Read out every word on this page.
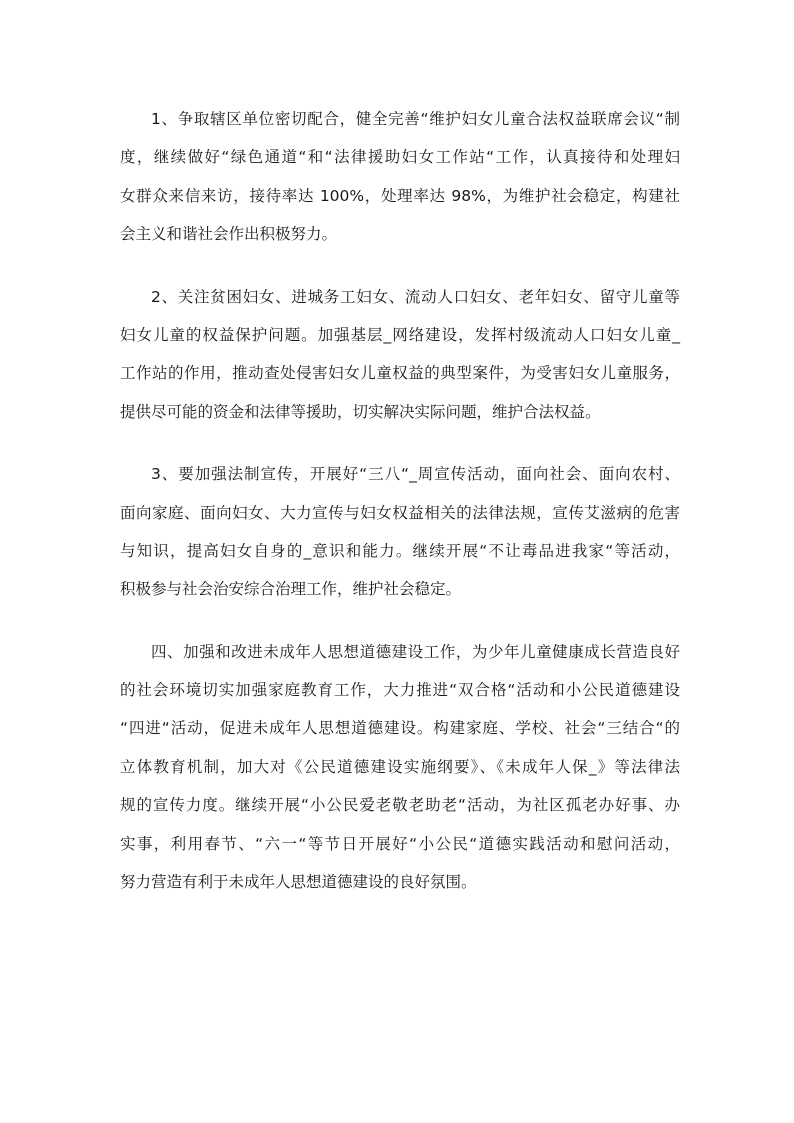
1、争取辖区单位密切配合，健全完善“维护妇女儿童合法权益联席会议“制
度，继续做好“绿色通道“和“法律援助妇女工作站“工作，认真接待和处理妇
女群众来信来访，接待率达 100%，处理率达 98%，为维护社会稳定，构建社
会主义和谐社会作出积极努力。

2、关注贫困妇女、进城务工妇女、流动人口妇女、老年妇女、留守儿童等
妇女儿童的权益保护问题。加强基层_网络建设，发挥村级流动人口妇女儿童_
工作站的作用，推动查处侵害妇女儿童权益的典型案件，为受害妇女儿童服务，
提供尽可能的资金和法律等援助，切实解决实际问题，维护合法权益。

3、要加强法制宣传，开展好“三八“_周宣传活动，面向社会、面向农村、
面向家庭、面向妇女、大力宣传与妇女权益相关的法律法规，宣传艾滋病的危害
与知识，提高妇女自身的_意识和能力。继续开展“不让毒品进我家“等活动，
积极参与社会治安综合治理工作，维护社会稳定。

四、加强和改进未成年人思想道德建设工作，为少年儿童健康成长营造良好
的社会环境切实加强家庭教育工作，大力推进“双合格“活动和小公民道德建设
“四进“活动，促进未成年人思想道德建设。构建家庭、学校、社会“三结合“的
立体教育机制，加大对《公民道德建设实施纲要》、《未成年人保_》等法律法
规的宣传力度。继续开展“小公民爱老敬老助老“活动，为社区孤老办好事、办
实事，利用春节、“六一“等节日开展好“小公民“道德实践活动和慰问活动，
努力营造有利于未成年人思想道德建设的良好氛围。
